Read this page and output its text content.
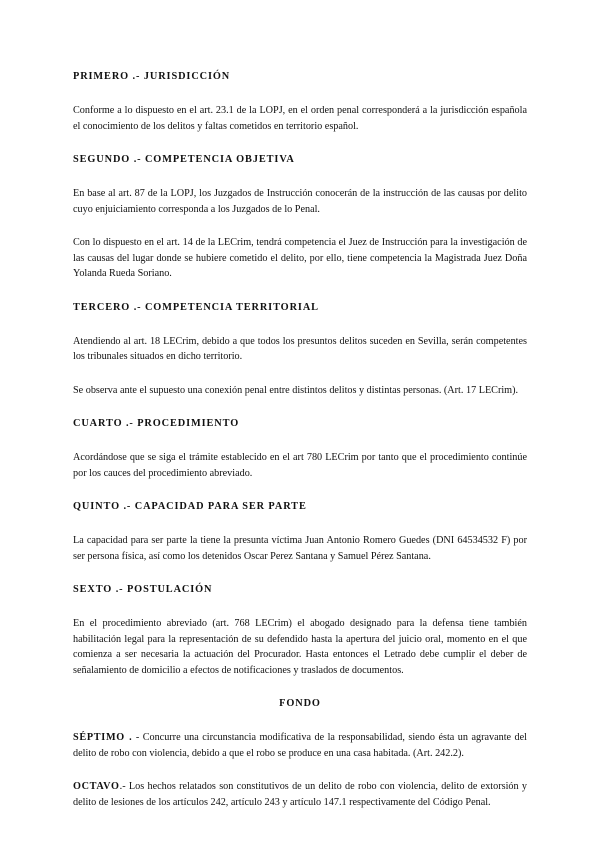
PRIMERO .- JURISDICCIÓN

Conforme a lo dispuesto en el art. 23.1 de la LOPJ, en el orden penal corresponderá a la jurisdicción española el conocimiento de los delitos y faltas cometidos en territorio español.

SEGUNDO .- COMPETENCIA OBJETIVA

En base al art. 87 de la LOPJ, los Juzgados de Instrucción conocerán de la instrucción de las causas por delito cuyo enjuiciamiento corresponda a los Juzgados de lo Penal.

Con lo dispuesto en el art. 14 de la LECrim, tendrá competencia el Juez de Instrucción para la investigación de las causas del lugar donde se hubiere cometido el delito, por ello, tiene competencia la Magistrada Juez Doña Yolanda Rueda Soriano.

TERCERO .- COMPETENCIA TERRITORIAL

Atendiendo al art. 18 LECrim, debido a que todos los presuntos delitos suceden en Sevilla, serán competentes los tribunales situados en dicho territorio.

Se observa ante el supuesto una conexión penal entre distintos delitos y distintas personas. (Art. 17 LECrim).

CUARTO .- PROCEDIMIENTO

Acordándose que se siga el trámite establecido en el art 780 LECrim por tanto que el procedimiento continúe por los cauces del procedimiento abreviado.

QUINTO .- CAPACIDAD PARA SER PARTE

La capacidad para ser parte la tiene la presunta víctima Juan Antonio Romero Guedes (DNI 64534532 F) por ser persona física, así como los detenidos Oscar Perez Santana y Samuel Pérez Santana.

SEXTO .- POSTULACIÓN

En el procedimiento abreviado (art. 768 LECrim) el abogado designado para la defensa tiene también habilitación legal para la representación de su defendido hasta la apertura del juicio oral, momento en el que comienza a ser necesaria la actuación del Procurador. Hasta entonces el Letrado debe cumplir el deber de señalamiento de domicilio a efectos de notificaciones y traslados de documentos.

FONDO

SÉPTIMO . - Concurre una circunstancia modificativa de la responsabilidad, siendo ésta un agravante del delito de robo con violencia, debido a que el robo se produce en una casa habitada. (Art. 242.2).

OCTAVO.- Los hechos relatados son constitutivos de un delito de robo con violencia, delito de extorsión y delito de lesiones de los artículos 242, artículo 243 y artículo 147.1 respectivamente del Código Penal.
